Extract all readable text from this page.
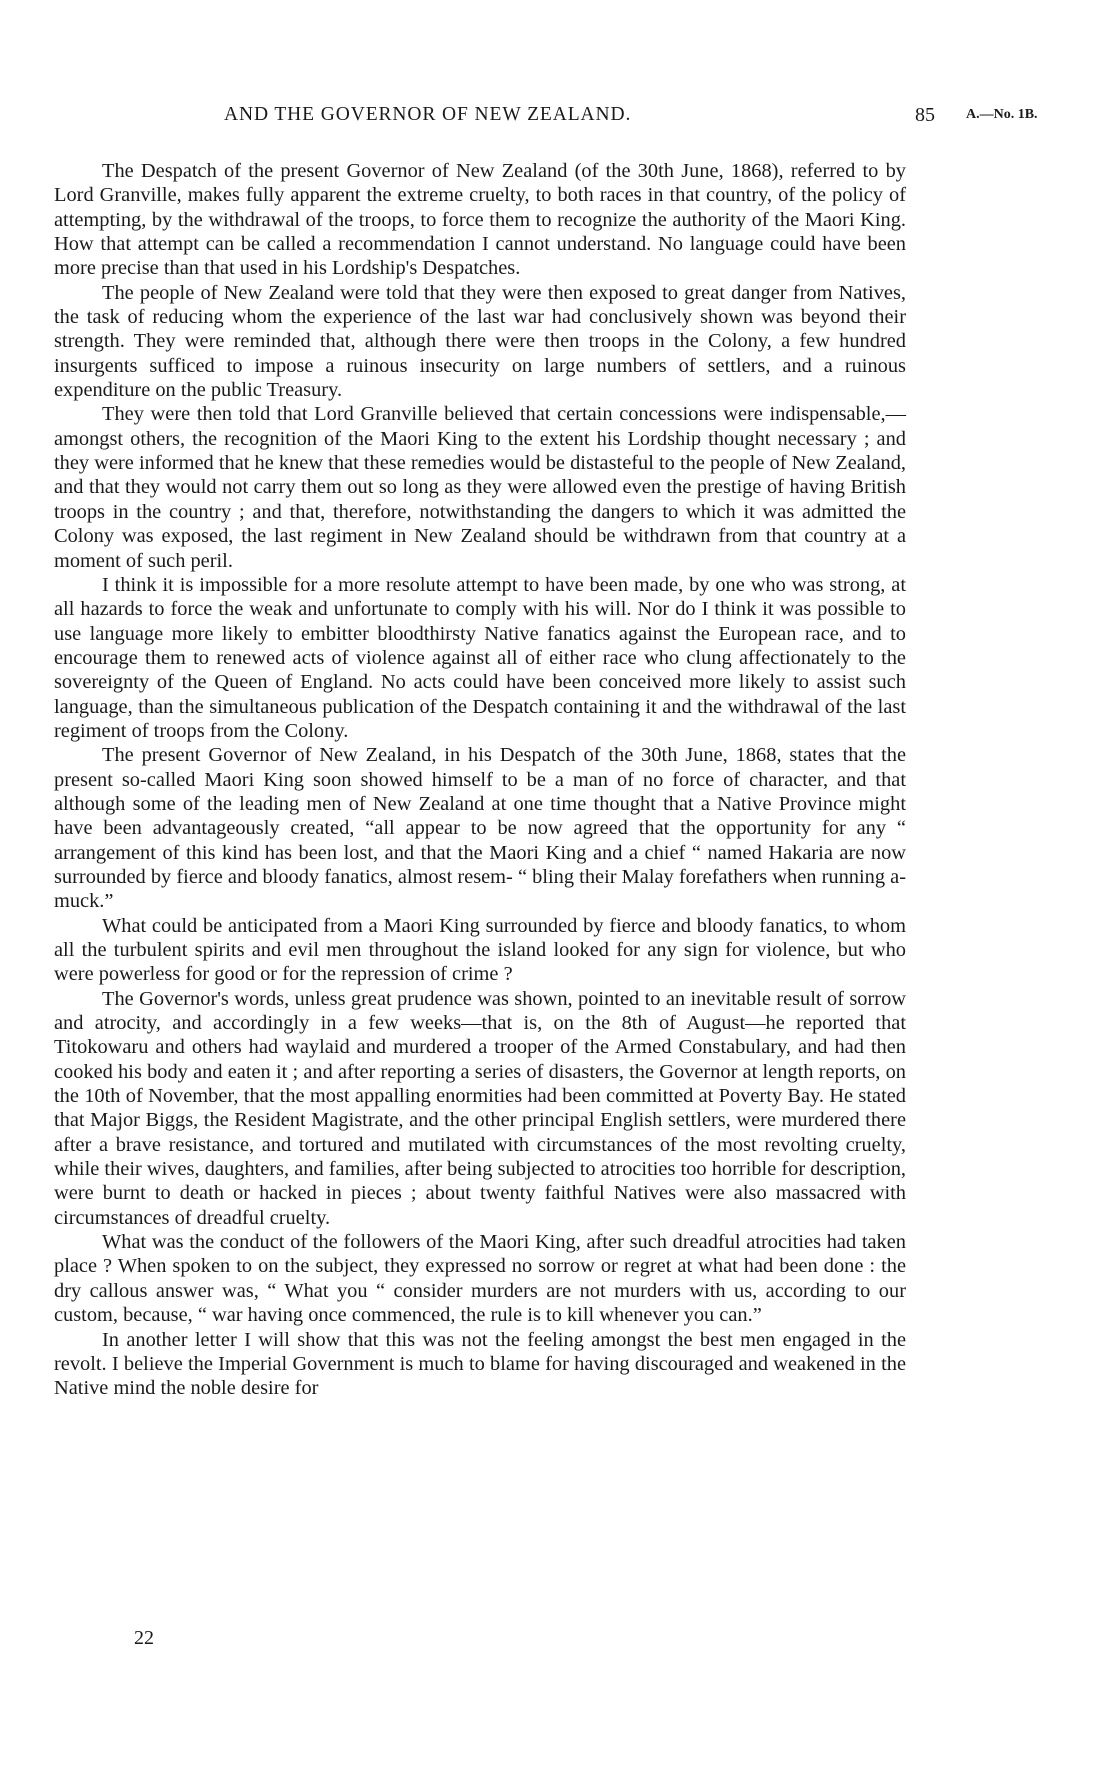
AND THE GOVERNOR OF NEW ZEALAND.	85 A.—No. 1B.

The Despatch of the present Governor of New Zealand (of the 30th June, 1868), referred to by Lord Granville, makes fully apparent the extreme cruelty, to both races in that country, of the policy of attempting, by the withdrawal of the troops, to force them to recognize the authority of the Maori King. How that attempt can be called a recommendation I cannot understand. No language could have been more precise than that used in his Lordship's Despatches.

The people of New Zealand were told that they were then exposed to great danger from Natives, the task of reducing whom the experience of the last war had conclusively shown was beyond their strength. They were reminded that, although there were then troops in the Colony, a few hundred insurgents sufficed to impose a ruinous insecurity on large numbers of settlers, and a ruinous expenditure on the public Treasury.

They were then told that Lord Granville believed that certain concessions were indispensable,—amongst others, the recognition of the Maori King to the extent his Lordship thought necessary ; and they were informed that he knew that these remedies would be distasteful to the people of New Zealand, and that they would not carry them out so long as they were allowed even the prestige of having British troops in the country ; and that, therefore, notwithstanding the dangers to which it was admitted the Colony was exposed, the last regiment in New Zealand should be withdrawn from that country at a moment of such peril.

I think it is impossible for a more resolute attempt to have been made, by one who was strong, at all hazards to force the weak and unfortunate to comply with his will. Nor do I think it was possible to use language more likely to embitter bloodthirsty Native fanatics against the European race, and to encourage them to renewed acts of violence against all of either race who clung affectionately to the sovereignty of the Queen of England. No acts could have been conceived more likely to assist such language, than the simultaneous publication of the Despatch containing it and the withdrawal of the last regiment of troops from the Colony.

The present Governor of New Zealand, in his Despatch of the 30th June, 1868, states that the present so-called Maori King soon showed himself to be a man of no force of character, and that although some of the leading men of New Zealand at one time thought that a Native Province might have been advantageously created, “all appear to be now agreed that the opportunity for any “ arrangement of this kind has been lost, and that the Maori King and a chief “ named Hakaria are now surrounded by fierce and bloody fanatics, almost resem- “ bling their Malay forefathers when running a-muck.”

What could be anticipated from a Maori King surrounded by fierce and bloody fanatics, to whom all the turbulent spirits and evil men throughout the island looked for any sign for violence, but who were powerless for good or for the repression of crime ?

The Governor's words, unless great prudence was shown, pointed to an inevitable result of sorrow and atrocity, and accordingly in a few weeks—that is, on the 8th of August—he reported that Titokowaru and others had waylaid and murdered a trooper of the Armed Constabulary, and had then cooked his body and eaten it ; and after reporting a series of disasters, the Governor at length reports, on the 10th of November, that the most appalling enormities had been committed at Poverty Bay. He stated that Major Biggs, the Resident Magistrate, and the other principal English settlers, were murdered there after a brave resistance, and tortured and mutilated with circumstances of the most revolting cruelty, while their wives, daughters, and families, after being subjected to atrocities too horrible for description, were burnt to death or hacked in pieces ; about twenty faithful Natives were also massacred with circumstances of dreadful cruelty.

What was the conduct of the followers of the Maori King, after such dreadful atrocities had taken place ? When spoken to on the subject, they expressed no sorrow or regret at what had been done : the dry callous answer was, “ What you “ consider murders are not murders with us, according to our custom, because, “ war having once commenced, the rule is to kill whenever you can.”

In another letter I will show that this was not the feeling amongst the best men engaged in the revolt. I believe the Imperial Government is much to blame for having discouraged and weakened in the Native mind the noble desire for

22
